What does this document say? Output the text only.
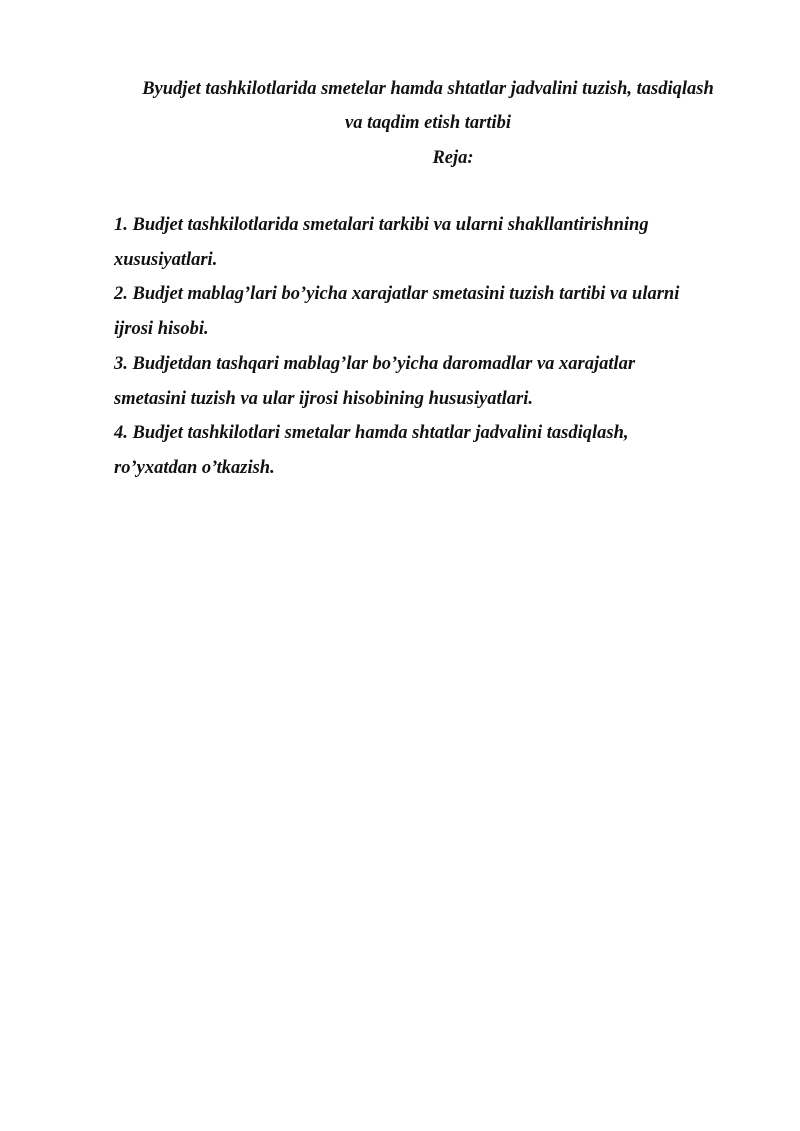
Byudjet tashkilotlarida smetelar hamda shtatlar jadvalini tuzish, tasdiqlash
va taqdim etish tartibi
Reja:
1. Budjet tashkilotlarida smetalari tarkibi va ularni shakllantirishning
xususiyatlari.
2. Budjet mablag’lari bo’yicha xarajatlar smetasini tuzish tartibi va ularni
ijrosi hisobi.
3. Budjetdan tashqari mablag’lar bo’yicha daromadlar va xarajatlar
smetasini tuzish va ular ijrosi hisobining hususiyatlari.
4. Budjet tashkilotlari smetalar hamda shtatlar jadvalini tasdiqlash,
ro’yxatdan o’tkazish.
